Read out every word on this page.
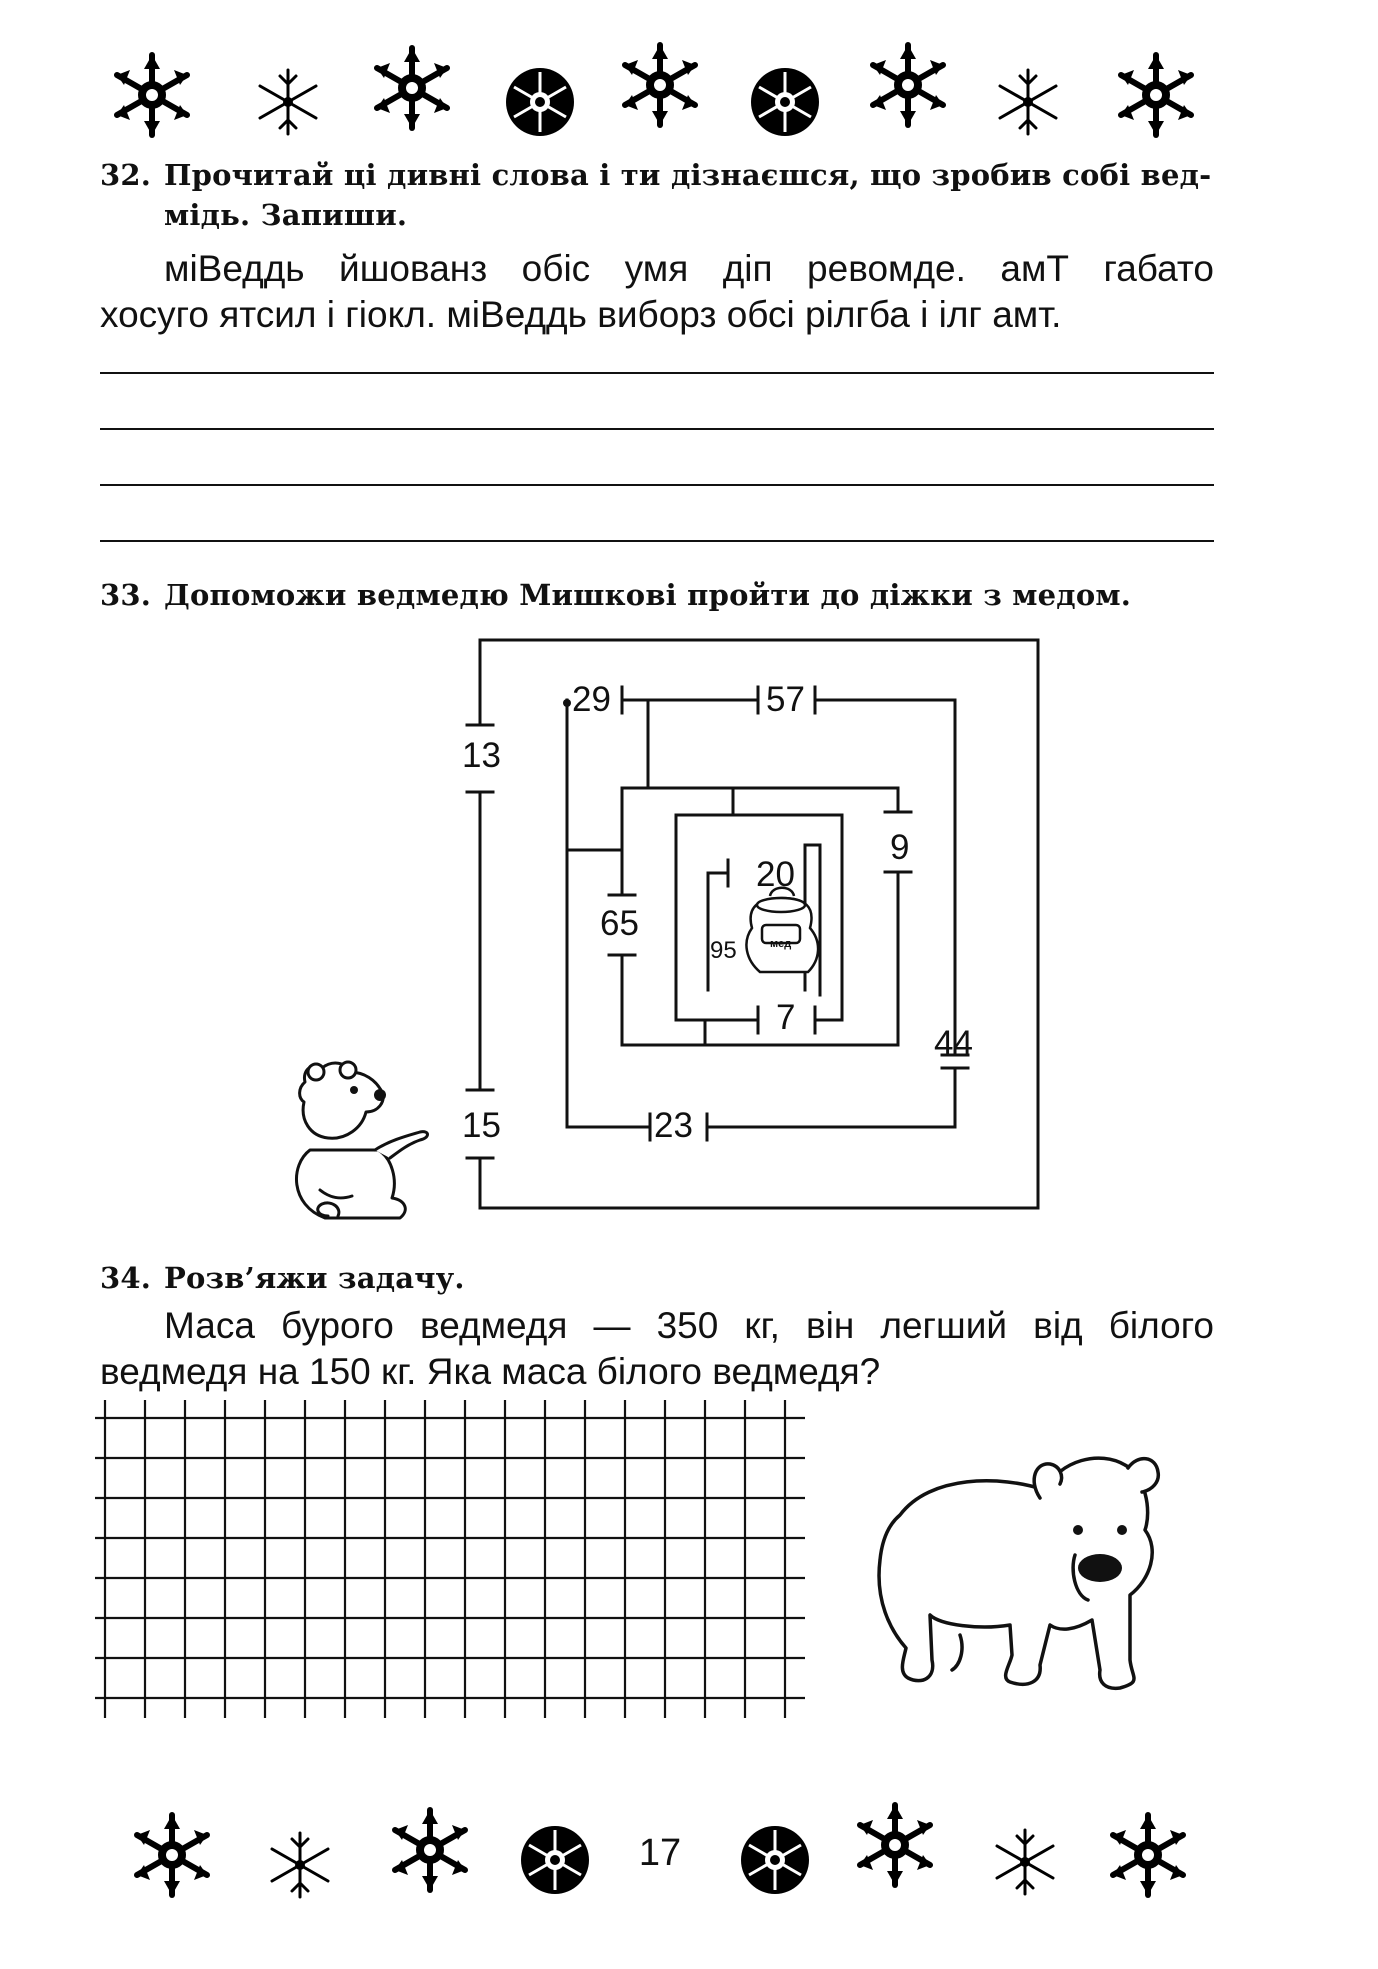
32. Прочитай ці дивні слова і ти дізнаєшся, що зробив собі вед-
мідь. Запиши.
міВеддь йшованз обіс умя діп ревомде. амТ габато
хосуго ятсил і гіокл. міВеддь виборз обсі рілгба і ілг амт.
33. Допоможи ведмедю Мишкові пройти до діжки з медом.
13
15
29	57
9
20
95
65
7
44
23
мед
34. Розв’яжи задачу.
Маса бурого ведмедя — 350 кг, він легший від білого
ведмедя на 150 кг. Яка маса білого ведмедя?
17
